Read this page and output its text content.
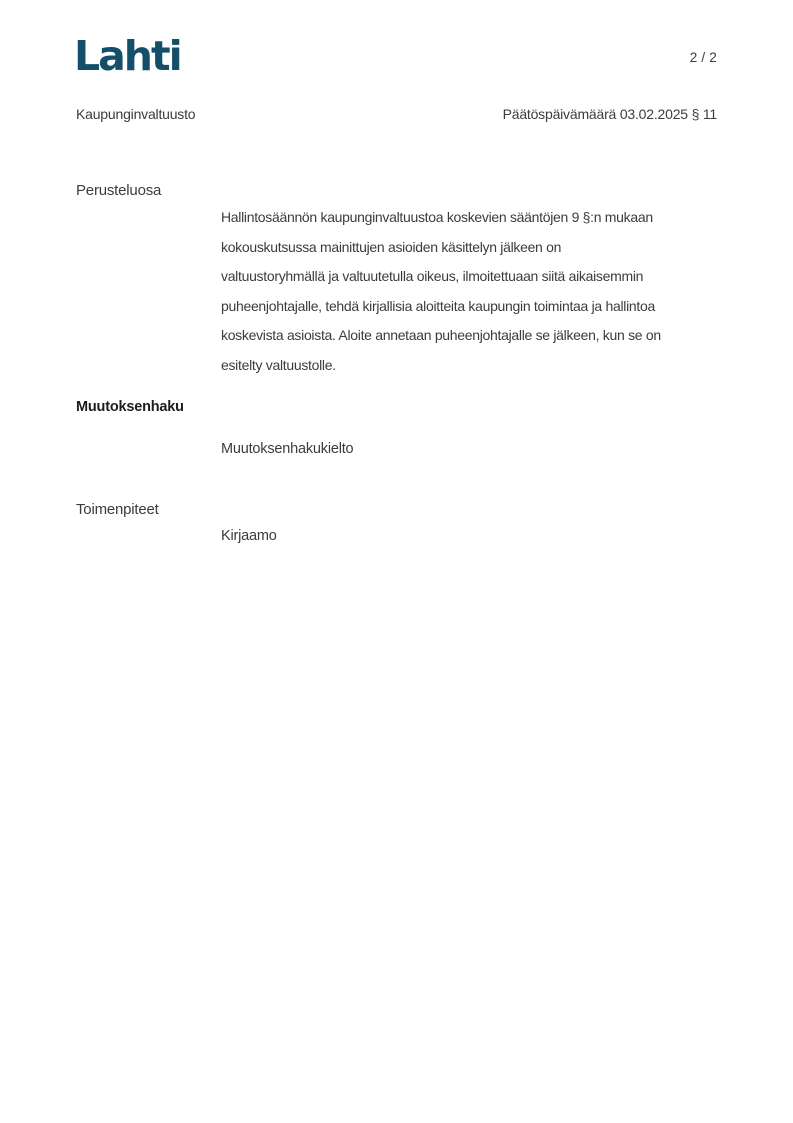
Lahti	2 / 2
Kaupunginvaltuusto	Päätöspäivämäärä 03.02.2025 § 11
Perusteluosa
Hallintosäännön kaupunginvaltuustoa koskevien sääntöjen 9 §:n mukaan
kokouskutsussa mainittujen asioiden käsittelyn jälkeen on
valtuustoryhmällä ja valtuutetulla oikeus, ilmoitettuaan siitä aikaisemmin
puheenjohtajalle, tehdä kirjallisia aloitteita kaupungin toimintaa ja hallintoa
koskevista asioista. Aloite annetaan puheenjohtajalle se jälkeen, kun se on
esitelty valtuustolle.
Muutoksenhaku
Muutoksenhakukielto
Toimenpiteet
Kirjaamo
